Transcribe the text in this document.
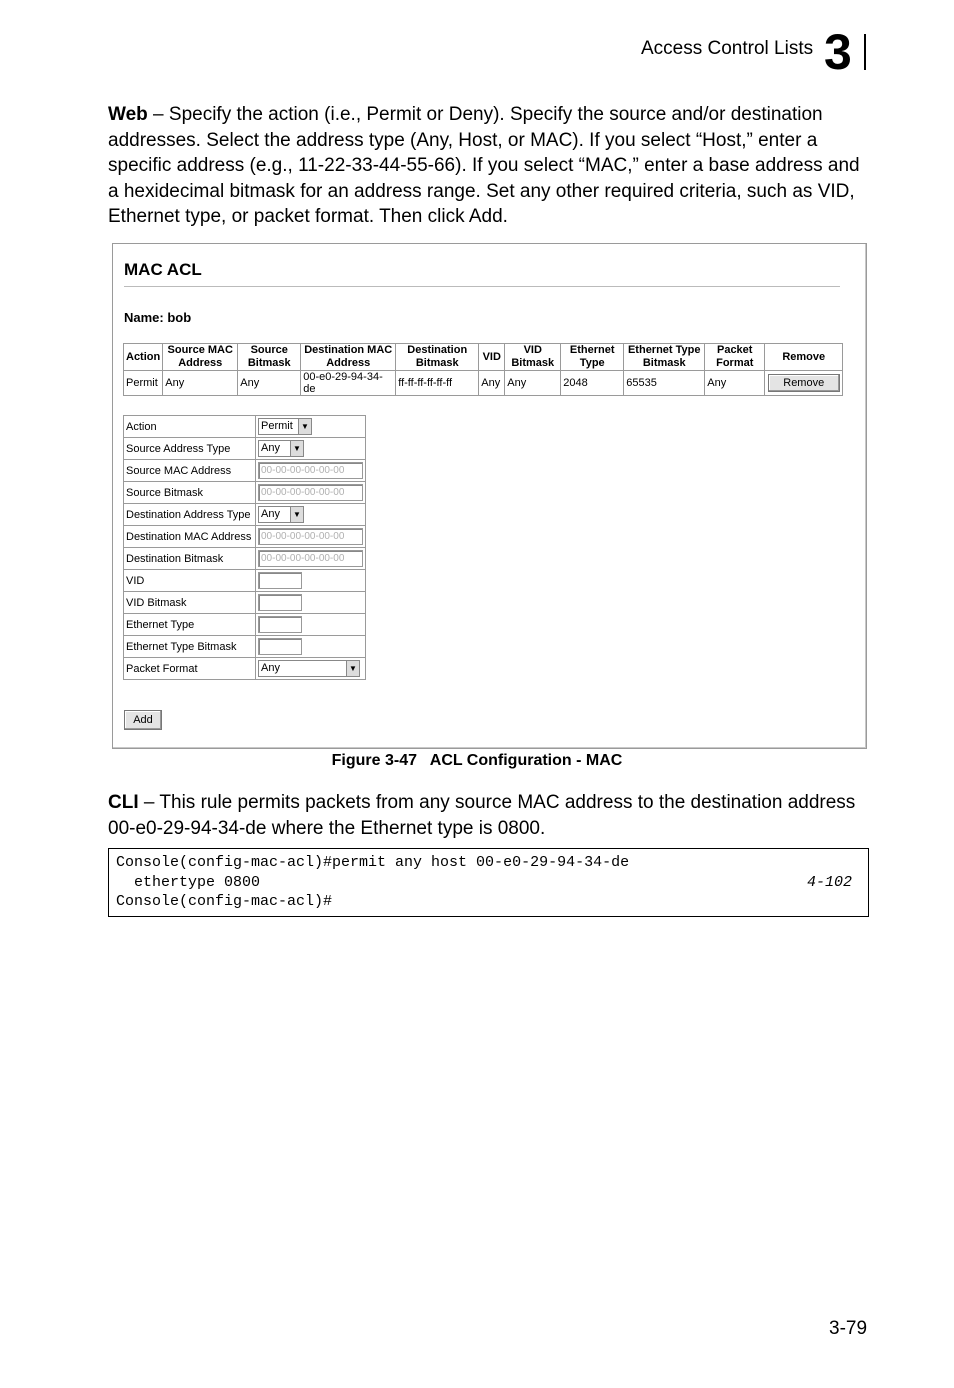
Access Control Lists 3
Web – Specify the action (i.e., Permit or Deny). Specify the source and/or destination addresses. Select the address type (Any, Host, or MAC). If you select “Host,” enter a specific address (e.g., 11-22-33-44-55-66). If you select “MAC,” enter a base address and a hexidecimal bitmask for an address range. Set any other required criteria, such as VID, Ethernet type, or packet format. Then click Add.
MAC ACL
Name: bob
Action	Source MAC Address	Source Bitmask	Destination MAC Address	Destination Bitmask	VID	VID Bitmask	Ethernet Type	Ethernet Type Bitmask	Packet Format	Remove
Permit	Any	Any	00-e0-29-94-34-de	ff-ff-ff-ff-ff-ff	Any	Any	2048	65535	Any	Remove
Action	Permit ▼

Source Address Type	Any ▼

Source MAC Address	00-00-00-00-00-00
Source Bitmask	00-00-00-00-00-00
Destination Address Type	Any ▼

Destination MAC Address	00-00-00-00-00-00
Destination Bitmask	00-00-00-00-00-00
VID	
VID Bitmask	
Ethernet Type	
Ethernet Type Bitmask	
Packet Format	Any ▼
Add
Figure 3-47   ACL Configuration - MAC
CLI – This rule permits packets from any source MAC address to the destination address 00-e0-29-94-34-de where the Ethernet type is 0800.
Console(config-mac-acl)#permit any host 00-e0-29-94-34-de
ethertype 0800	4-102
Console(config-mac-acl)#
3-79
